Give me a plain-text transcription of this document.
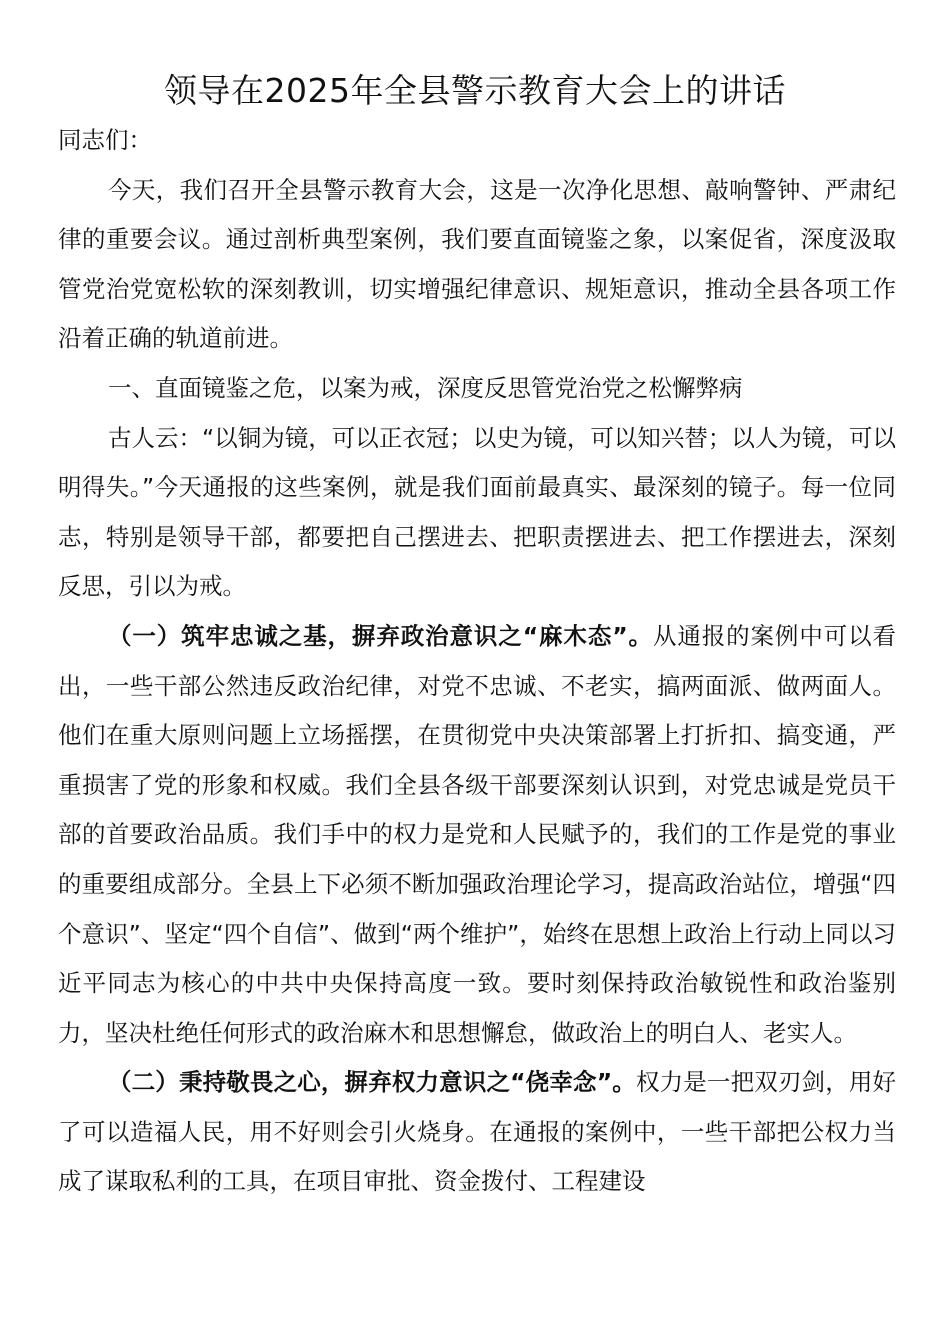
领导在2025年全县警示教育大会上的讲话

同志们：

今天，我们召开全县警示教育大会，这是一次净化思想、敲响警钟、严肃纪律的重要会议。通过剖析典型案例，我们要直面镜鉴之象，以案促省，深度汲取管党治党宽松软的深刻教训，切实增强纪律意识、规矩意识，推动全县各项工作沿着正确的轨道前进。

一、直面镜鉴之危，以案为戒，深度反思管党治党之松懈弊病

古人云：“以铜为镜，可以正衣冠；以史为镜，可以知兴替；以人为镜，可以明得失。”今天通报的这些案例，就是我们面前最真实、最深刻的镜子。每一位同志，特别是领导干部，都要把自己摆进去、把职责摆进去、把工作摆进去，深刻反思，引以为戒。

（一）筑牢忠诚之基，摒弃政治意识之“麻木态”。从通报的案例中可以看出，一些干部公然违反政治纪律，对党不忠诚、不老实，搞两面派、做两面人。他们在重大原则问题上立场摇摆，在贯彻党中央决策部署上打折扣、搞变通，严重损害了党的形象和权威。我们全县各级干部要深刻认识到，对党忠诚是党员干部的首要政治品质。我们手中的权力是党和人民赋予的，我们的工作是党的事业的重要组成部分。全县上下必须不断加强政治理论学习，提高政治站位，增强“四个意识”、坚定“四个自信”、做到“两个维护”，始终在思想上政治上行动上同以习近平同志为核心的中共中央保持高度一致。要时刻保持政治敏锐性和政治鉴别力，坚决杜绝任何形式的政治麻木和思想懈怠，做政治上的明白人、老实人。

（二）秉持敬畏之心，摒弃权力意识之“侥幸念”。权力是一把双刃剑，用好了可以造福人民，用不好则会引火烧身。在通报的案例中，一些干部把公权力当成了谋取私利的工具，在项目审批、资金拨付、工程建设
